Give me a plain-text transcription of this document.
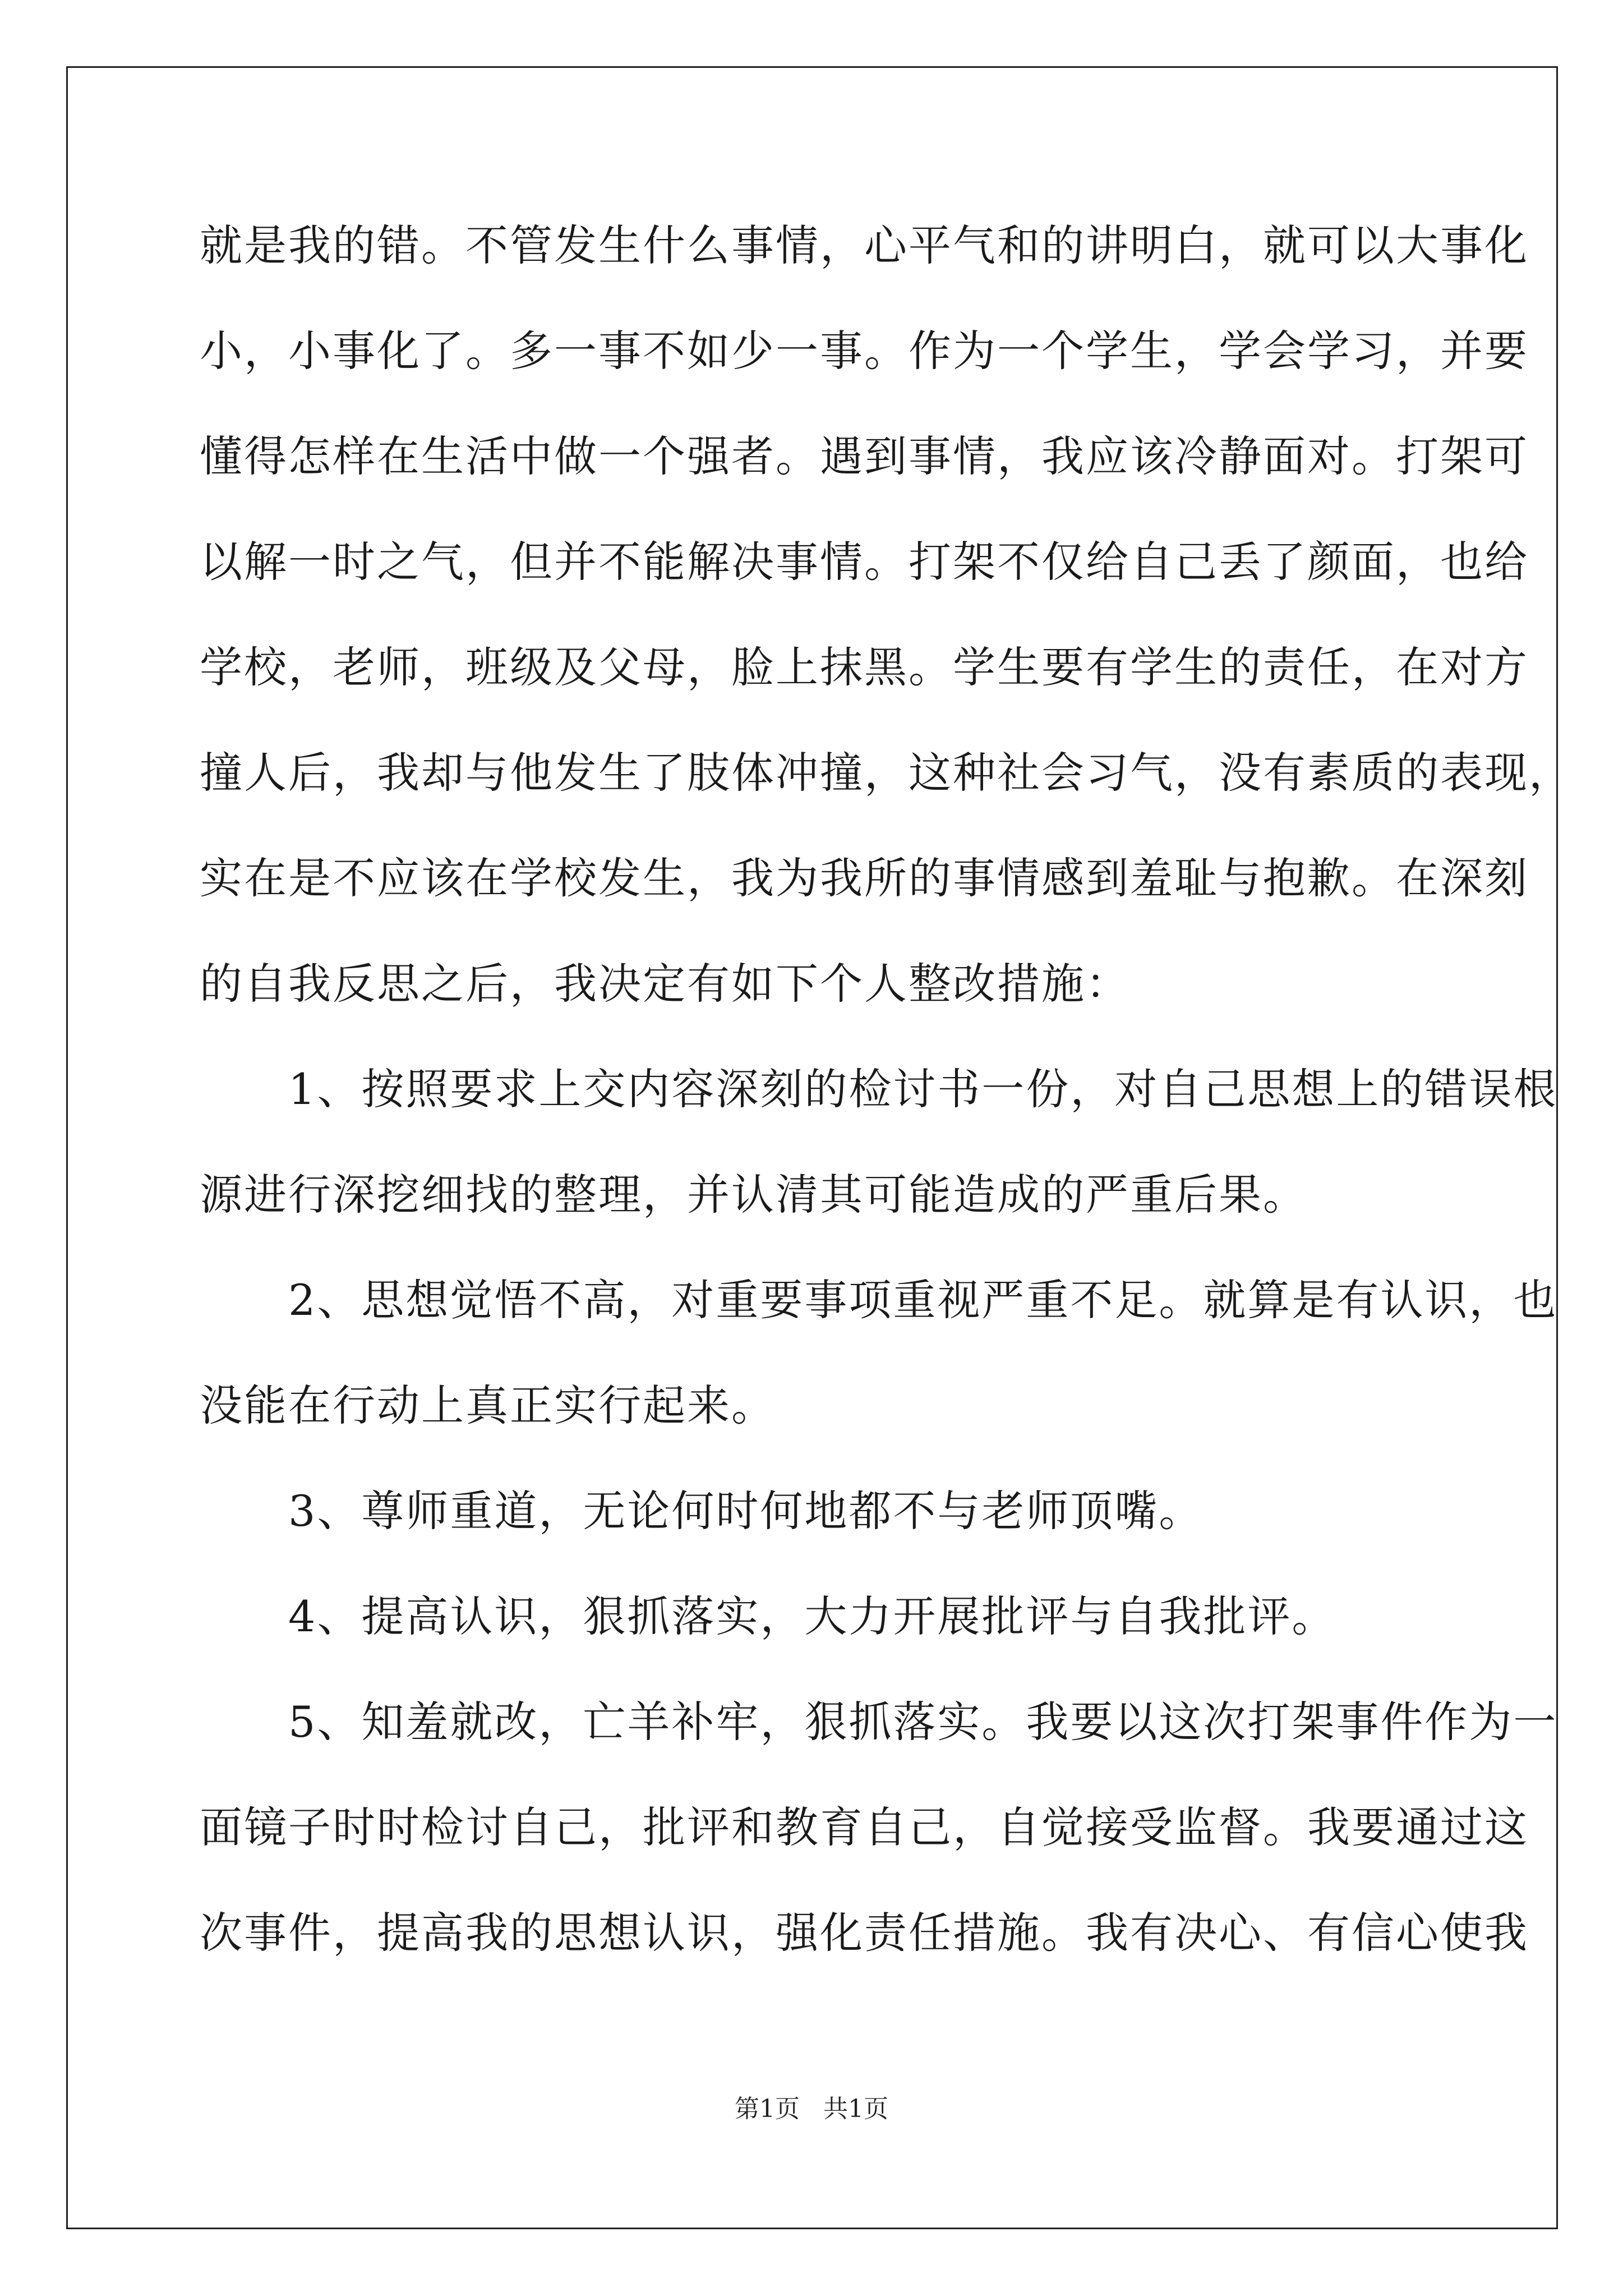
就是我的错。不管发生什么事情，心平气和的讲明白，就可以大事化
小，小事化了。多一事不如少一事。作为一个学生，学会学习，并要
懂得怎样在生活中做一个强者。遇到事情，我应该冷静面对。打架可
以解一时之气，但并不能解决事情。打架不仅给自己丢了颜面，也给
学校，老师，班级及父母，脸上抹黑。学生要有学生的责任，在对方
撞人后，我却与他发生了肢体冲撞，这种社会习气，没有素质的表现，
实在是不应该在学校发生，我为我所的事情感到羞耻与抱歉。在深刻
的自我反思之后，我决定有如下个人整改措施：
　　1、按照要求上交内容深刻的检讨书一份，对自己思想上的错误根
源进行深挖细找的整理，并认清其可能造成的严重后果。
　　2、思想觉悟不高，对重要事项重视严重不足。就算是有认识，也
没能在行动上真正实行起来。
　　3、尊师重道，无论何时何地都不与老师顶嘴。
　　4、提高认识，狠抓落实，大力开展批评与自我批评。
　　5、知羞就改，亡羊补牢，狠抓落实。我要以这次打架事件作为一
面镜子时时检讨自己，批评和教育自己，自觉接受监督。我要通过这
次事件，提高我的思想认识，强化责任措施。我有决心、有信心使我
第1页 共1页
